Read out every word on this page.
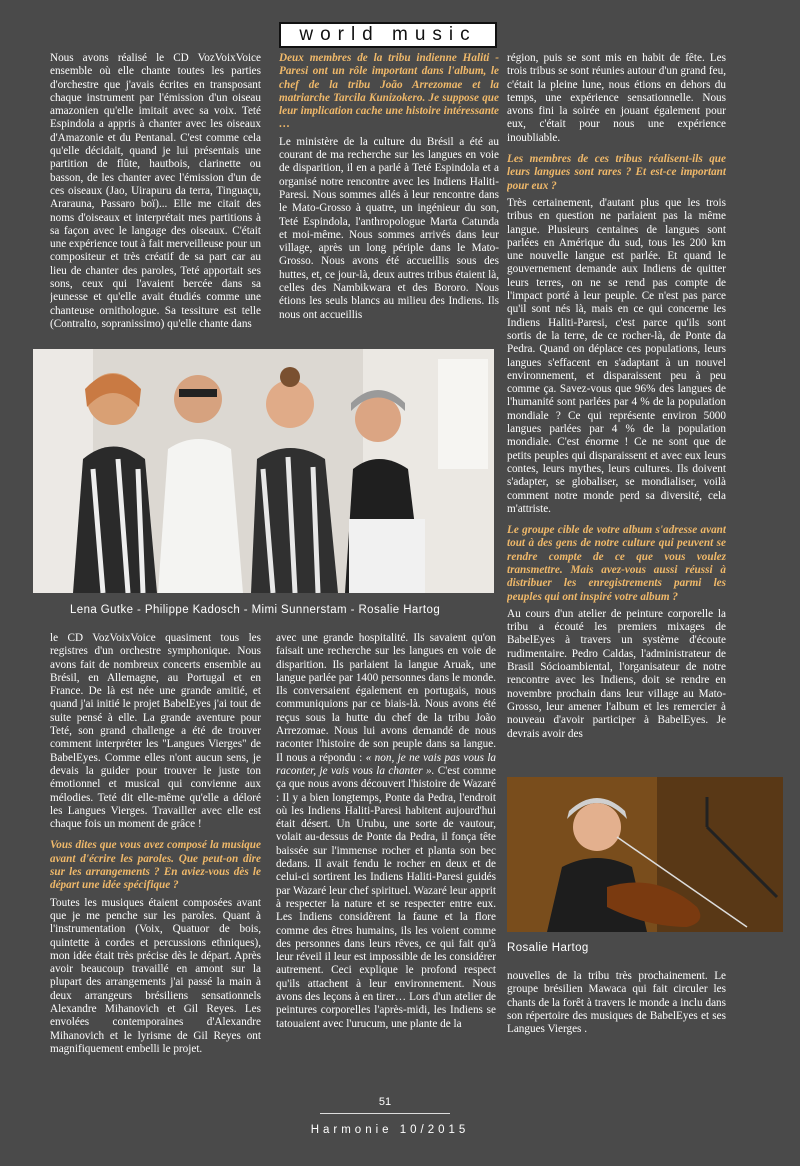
world music

Nous avons réalisé le CD VozVoixVoice ensemble où elle chante toutes les parties d'orchestre que j'avais écrites en transposant chaque instrument par l'émission d'un oiseau amazonien qu'elle imitait avec sa voix. Teté Espindola a appris à chanter avec les oiseaux d'Amazonie et du Pentanal. C'est comme cela qu'elle décidait, quand je lui présentais une partition de flûte, hautbois, clarinette ou basson, de les chanter avec l'émission d'un de ces oiseaux (Jao, Uirapuru da terra, Tinguaçu, Ararauna, Passaro boï)... Elle me citait des noms d'oiseaux et interprétait mes partitions à sa façon avec le langage des oiseaux. C'était une expérience tout à fait merveilleuse pour un compositeur et très créatif de sa part car au lieu de chanter des paroles, Teté apportait ses sons, ceux qui l'avaient bercée dans sa jeunesse et qu'elle avait étudiés comme une chanteuse ornithologue. Sa tessiture est telle (Contralto, sopranissimo) qu'elle chante dans

Deux membres de la tribu indienne Haliti - Paresi ont un rôle important dans l'album, le chef de la tribu João Arrezomae et la matriarche Tarcila Kunizokero. Je suppose que leur implication cache une histoire intéressante …

Le ministère de la culture du Brésil a été au courant de ma recherche sur les langues en voie de disparition, il en a parlé à Teté Espindola et a organisé notre rencontre avec les Indiens Haliti-Paresi. Nous sommes allés à leur rencontre dans le Mato-Grosso à quatre, un ingénieur du son, Teté Espindola, l'anthropologue Marta Catunda et moi-même. Nous sommes arrivés dans leur village, après un long périple dans le Mato-Grosso. Nous avons été accueillis sous des huttes, et, ce jour-là, deux autres tribus étaient là, celles des Nambikwara et des Bororo. Nous étions les seuls blancs au milieu des Indiens. Ils nous ont accueillis

région, puis se sont mis en habit de fête. Les trois tribus se sont réunies autour d'un grand feu, c'était la pleine lune, nous étions en dehors du temps, une expérience sensationnelle. Nous avons fini la soirée en jouant également pour eux, c'était pour nous une expérience inoubliable.

Les membres de ces tribus réalisent-ils que leurs langues sont rares ? Et est-ce important pour eux ?

Très certainement, d'autant plus que les trois tribus en question ne parlaient pas la même langue. Plusieurs centaines de langues sont parlées en Amérique du sud, tous les 200 km une nouvelle langue est parlée. Et quand le gouvernement demande aux Indiens de quitter leurs terres, on ne se rend pas compte de l'impact porté à leur peuple. Ce n'est pas parce qu'il sont nés là, mais en ce qui concerne les Indiens Haliti-Paresi, c'est parce qu'ils sont sortis de la terre, de ce rocher-là, de Ponte da Pedra. Quand on déplace ces populations, leurs langues s'effacent en s'adaptant à un nouvel environnement, et disparaissent peu à peu comme ça. Savez-vous que 96% des langues de l'humanité sont parlées par 4 % de la population mondiale ? Ce qui représente environ 5000 langues parlées par 4 % de la population mondiale. C'est énorme ! Ce ne sont que de petits peuples qui disparaissent et avec eux leurs contes, leurs mythes, leurs cultures. Ils doivent s'adapter, se globaliser, se mondialiser, voilà comment notre monde perd sa diversité, cela m'attriste.

Le groupe cible de votre album s'adresse avant tout à des gens de notre culture qui peuvent se rendre compte de ce que vous voulez transmettre. Mais avez-vous aussi réussi à distribuer les enregistrements parmi les peuples qui ont inspiré votre album ?

Au cours d'un atelier de peinture corporelle la tribu a écouté les premiers mixages de BabelEyes à travers un système d'écoute rudimentaire. Pedro Caldas, l'administrateur de Brasil Sócioambiental, l'organisateur de notre rencontre avec les Indiens, doit se rendre en novembre prochain dans leur village au Mato-Grosso, leur amener l'album et les remercier à nouveau d'avoir participer à BabelEyes. Je devrais avoir des

Lena Gutke - Philippe Kadosch - Mimi Sunnerstam - Rosalie Hartog

le CD VozVoixVoice quasiment tous les registres d'un orchestre symphonique. Nous avons fait de nombreux concerts ensemble au Brésil, en Allemagne, au Portugal et en France. De là est née une grande amitié, et quand j'ai initié le projet BabelEyes j'ai tout de suite pensé à elle. La grande aventure pour Teté, son grand challenge a été de trouver comment interpréter les "Langues Vierges" de BabelEyes. Comme elles n'ont aucun sens, je devais la guider pour trouver le juste ton émotionnel et musical qui convienne aux mélodies. Teté dit elle-même qu'elle a déloré les Langues Vierges. Travailler avec elle est chaque fois un moment de grâce !

Vous dites que vous avez composé la musique avant d'écrire les paroles. Que peut-on dire sur les arrangements ? En aviez-vous dès le départ une idée spécifique ?

Toutes les musiques étaient composées avant que je me penche sur les paroles. Quant à l'instrumentation (Voix, Quatuor de bois, quintette à cordes et percussions ethniques), mon idée était très précise dès le départ. Après avoir beaucoup travaillé en amont sur la plupart des arrangements j'ai passé la main à deux arrangeurs brésiliens sensationnels Alexandre Mihanovich et Gil Reyes. Les envolées contemporaines d'Alexandre Mihanovich et le lyrisme de Gil Reyes ont magnifiquement embelli le projet.

avec une grande hospitalité. Ils savaient qu'on faisait une recherche sur les langues en voie de disparition. Ils parlaient la langue Aruak, une langue parlée par 1400 personnes dans le monde. Ils conversaient également en portugais, nous communiquions par ce biais-là. Nous avons été reçus sous la hutte du chef de la tribu João Arrezomae. Nous lui avons demandé de nous raconter l'histoire de son peuple dans sa langue. Il nous a répondu : « non, je ne vais pas vous la raconter, je vais vous la chanter ». C'est comme ça que nous avons découvert l'histoire de Wazaré : Il y a bien longtemps, Ponte da Pedra, l'endroit où les Indiens Haliti-Paresi habitent aujourd'hui était désert. Un Urubu, une sorte de vautour, volait au-dessus de Ponte da Pedra, il fonça tête baissée sur l'immense rocher et planta son bec dedans. Il avait fendu le rocher en deux et de celui-ci sortirent les Indiens Haliti-Paresi guidés par Wazaré leur chef spirituel. Wazaré leur apprit à respecter la nature et se respecter entre eux. Les Indiens considèrent la faune et la flore comme des êtres humains, ils les voient comme des personnes dans leurs rêves, ce qui fait qu'à leur réveil il leur est impossible de les considérer autrement. Ceci explique le profond respect qu'ils attachent à leur environnement. Nous avons des leçons à en tirer… Lors d'un atelier de peintures corporelles l'après-midi, les Indiens se tatouaient avec l'urucum, une plante de la

Rosalie Hartog

nouvelles de la tribu très prochainement. Le groupe brésilien Mawaca qui fait circuler les chants de la forêt à travers le monde a inclu dans son répertoire des musiques de BabelEyes et ses Langues Vierges .

51
Harmonie 10/2015
